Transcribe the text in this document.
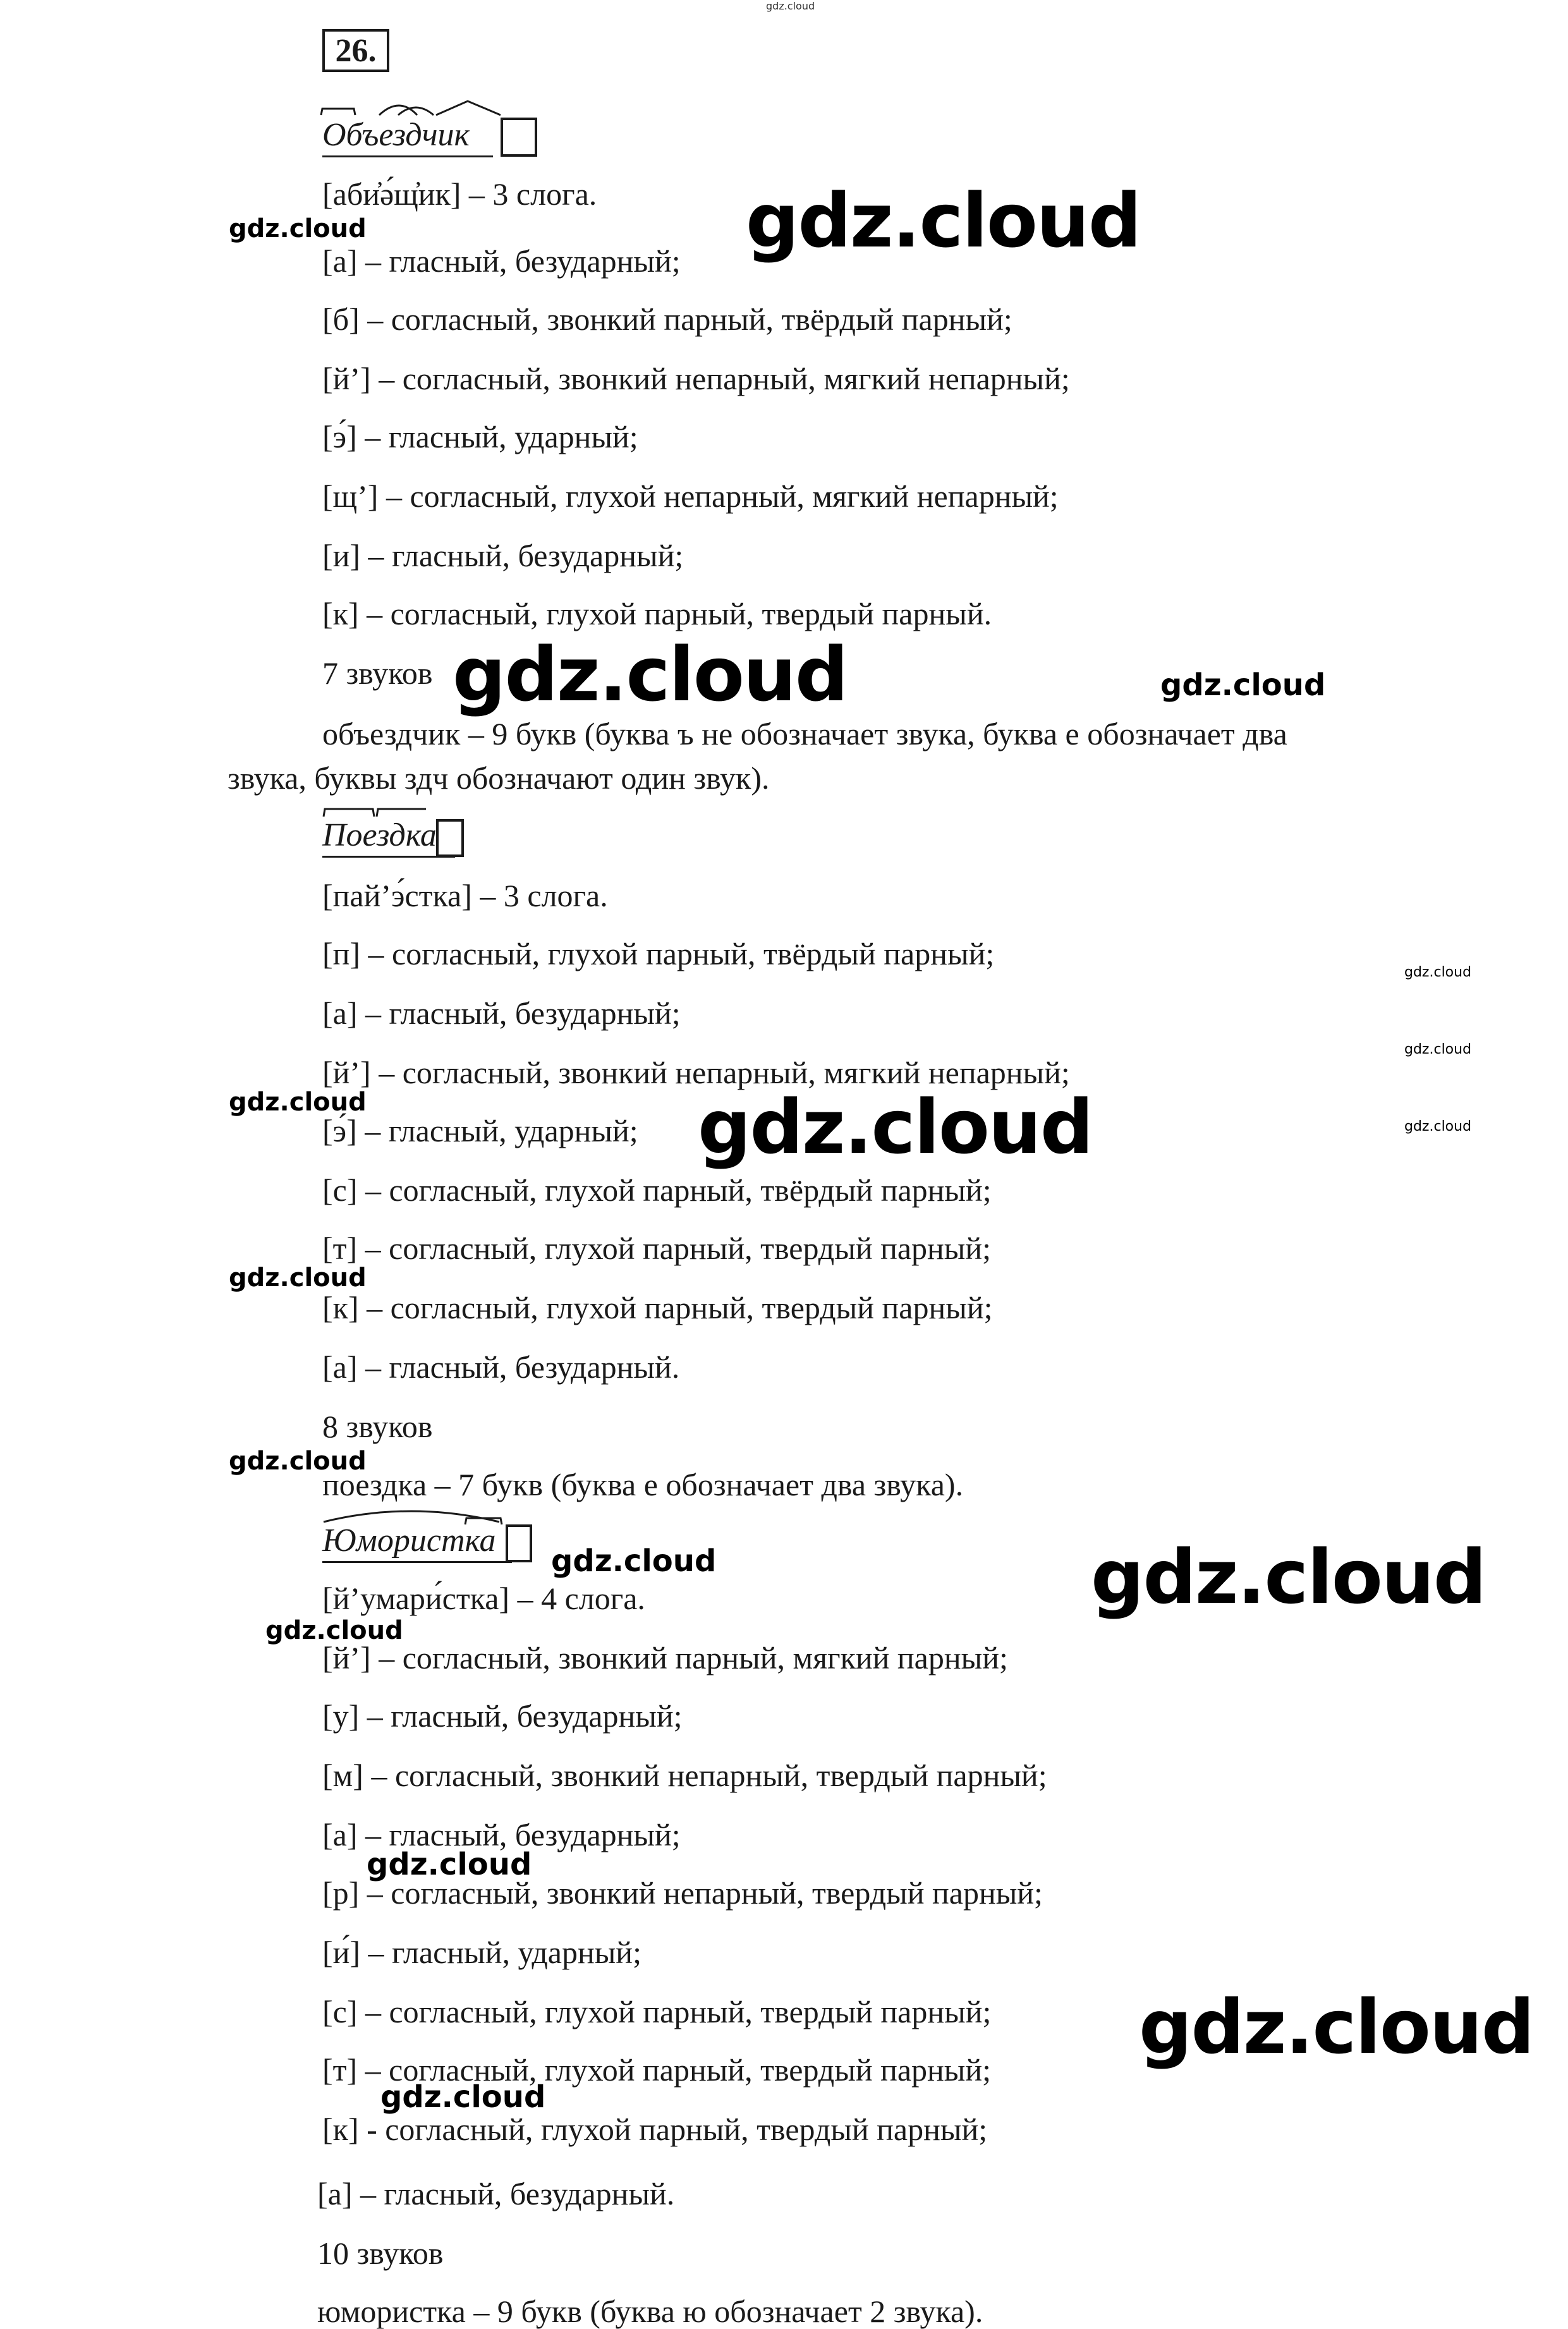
26.
Объездчик
[аби̓ә́щ̓ик] – 3 слога.
[а] – гласный, безударный;
[б] – согласный, звонкий парный, твёрдый парный;
[й’] – согласный, звонкий непарный, мягкий непарный;
[э́] – гласный, ударный;
[щ’] – согласный, глухой непарный, мягкий непарный;
[и] – гласный, безударный;
[к] – согласный, глухой парный, твердый парный.
7 звуков
объездчик – 9 букв (буква ъ не обозначает звука, буква е обозначает два
звука, буквы здч обозначают один звук).
Поездка
[пай’э́стка] – 3 слога.
[п] – согласный, глухой парный, твёрдый парный;
[а] – гласный, безударный;
[й’] – согласный, звонкий непарный, мягкий непарный;
[э́] – гласный, ударный;
[с] – согласный, глухой парный, твёрдый парный;
[т] – согласный, глухой парный, твердый парный;
[к] – согласный, глухой парный, твердый парный;
[а] – гласный, безударный.
8 звуков
поездка – 7 букв (буква е обозначает два звука).
Юмористка
[й’умари́стка] – 4 слога.
[й’] – согласный, звонкий парный, мягкий парный;
[у] – гласный, безударный;
[м] – согласный, звонкий непарный, твердый парный;
[а] – гласный, безударный;
[р] – согласный, звонкий непарный, твердый парный;
[и́] – гласный, ударный;
[с] – согласный, глухой парный, твердый парный;
[т] – согласный, глухой парный, твердый парный;
[к] - согласный, глухой парный, твердый парный;
[а] – гласный, безударный.
10 звуков
юмористка – 9 букв (буква ю обозначает 2 звука).
gdz.cloud
gdz.cloud
gdz.cloud
gdz.cloud	gdz.cloud
gdz.cloud
gdz.cloud
gdz.cloud
gdz.cloud	gdz.cloud
gdz.cloud
gdz.cloud
gdz.cloud	gdz.cloud
gdz.cloud
gdz.cloud
gdz.cloud
gdz.cloud
